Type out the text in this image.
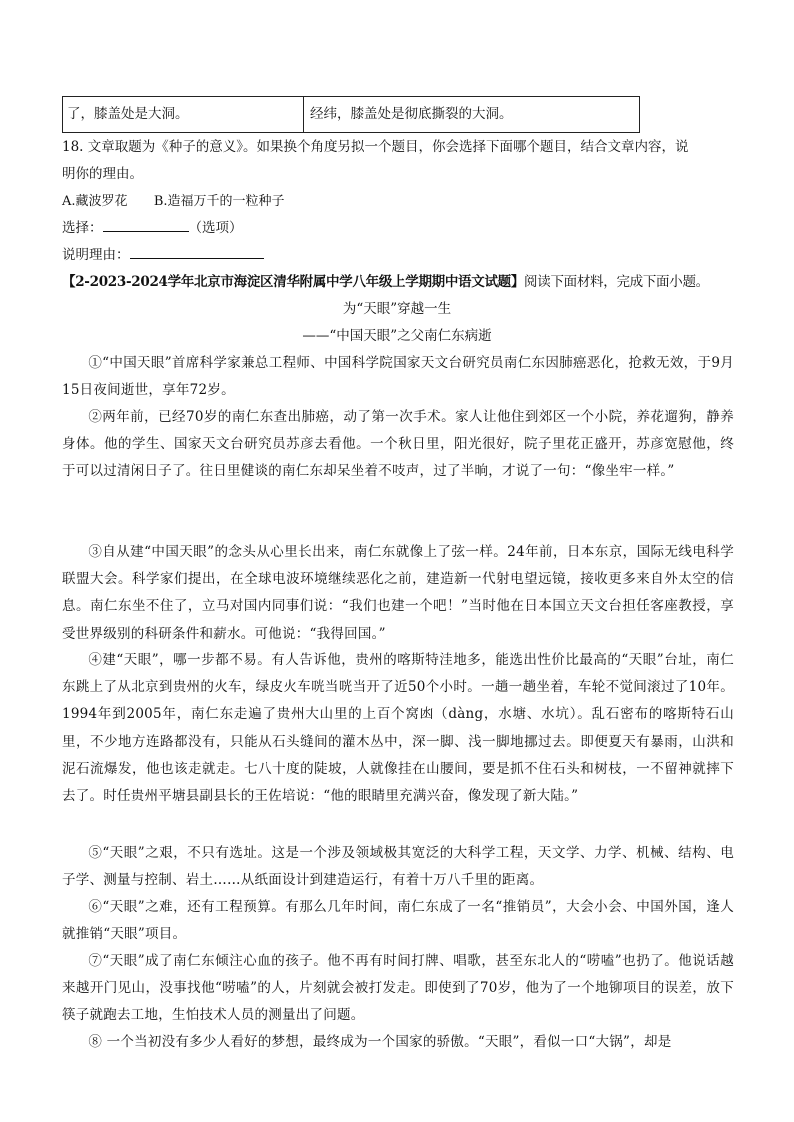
了，膝盖处是大洞。	经纬，膝盖处是彻底撕裂的大洞。
18. 文章取题为《种子的意义》。如果换个角度另拟一个题目，你会选择下面哪个题目，结合文章内容，说
明你的理由。
A.藏波罗花 B.造福万千的一粒种子
选择：	（选项）
说明理由：
【2-2023-2024学年北京市海淀区清华附属中学八年级上学期期中语文试题】阅读下面材料，完成下面小题。
为“天眼”穿越一生
——“中国天眼”之父南仁东病逝
①“中国天眼”首席科学家兼总工程师、中国科学院国家天文台研究员南仁东因肺癌恶化，抢救无效，于9月15日夜间逝世，享年72岁。
②两年前，已经70岁的南仁东查出肺癌，动了第一次手术。家人让他住到郊区一个小院，养花遛狗，静养身体。他的学生、国家天文台研究员苏彦去看他。一个秋日里，阳光很好，院子里花正盛开，苏彦宽慰他，终于可以过清闲日子了。往日里健谈的南仁东却呆坐着不吱声，过了半晌，才说了一句：“像坐牢一样。”
③自从建“中国天眼”的念头从心里长出来，南仁东就像上了弦一样。24年前，日本东京，国际无线电科学联盟大会。科学家们提出，在全球电波环境继续恶化之前，建造新一代射电望远镜，接收更多来自外太空的信息。南仁东坐不住了，立马对国内同事们说：“我们也建一个吧！”当时他在日本国立天文台担任客座教授，享受世界级别的科研条件和薪水。可他说：“我得回国。”
④建“天眼”，哪一步都不易。有人告诉他，贵州的喀斯特洼地多，能选出性价比最高的“天眼”台址，南仁东跳上了从北京到贵州的火车，绿皮火车咣当咣当开了近50个小时。一趟一趟坐着，车轮不觉间滚过了10年。1994年到2005年，南仁东走遍了贵州大山里的上百个窝凼（dàng，水塘、水坑）。乱石密布的喀斯特石山里，不少地方连路都没有，只能从石头缝间的灌木丛中，深一脚、浅一脚地挪过去。即便夏天有暴雨，山洪和泥石流爆发，他也该走就走。七八十度的陡坡，人就像挂在山腰间，要是抓不住石头和树枝，一不留神就摔下去了。时任贵州平塘县副县长的王佐培说：“他的眼睛里充满兴奋，像发现了新大陆。”
⑤“天眼”之艰，不只有选址。这是一个涉及领域极其宽泛的大科学工程，天文学、力学、机械、结构、电子学、测量与控制、岩土……从纸面设计到建造运行，有着十万八千里的距离。
⑥“天眼”之难，还有工程预算。有那么几年时间，南仁东成了一名“推销员”，大会小会、中国外国，逢人就推销“天眼”项目。
⑦“天眼”成了南仁东倾注心血的孩子。他不再有时间打牌、唱歌，甚至东北人的“唠嗑”也扔了。他说话越来越开门见山，没事找他“唠嗑”的人，片刻就会被打发走。即使到了70岁，他为了一个地铆项目的误差，放下筷子就跑去工地，生怕技术人员的测量出了问题。
⑧ 一个当初没有多少人看好的梦想，最终成为一个国家的骄傲。“天眼”，看似一口“大锅”，却是
